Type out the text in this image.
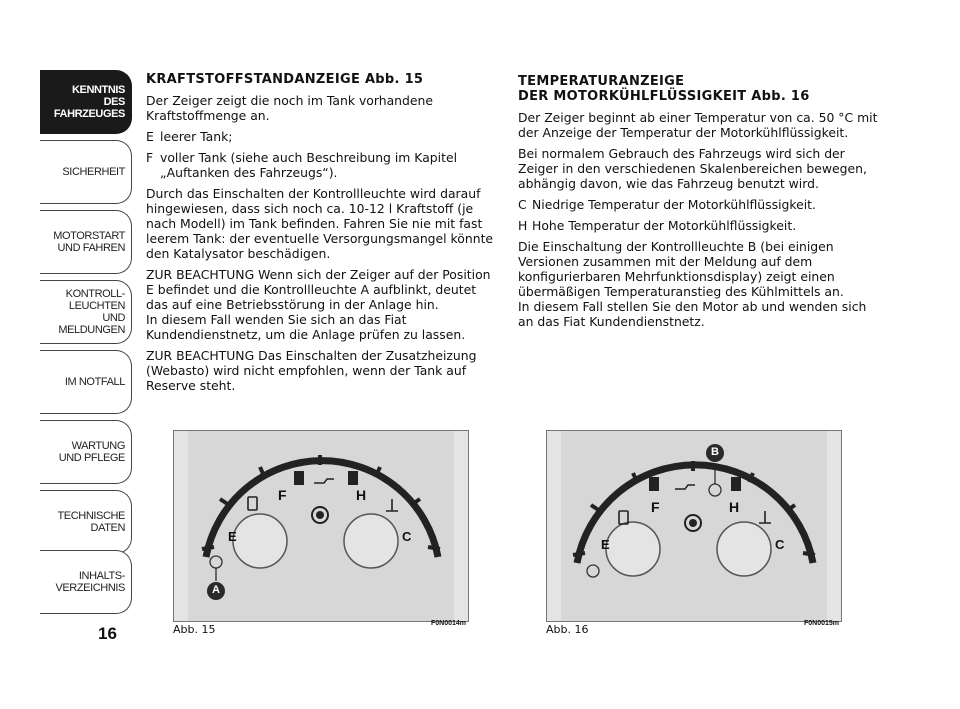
KENNTNIS
DES FAHRZEUGES
SICHERHEIT
MOTORSTART
UND FAHREN
KONTROLL-
LEUCHTEN
UND MELDUNGEN
IM NOTFALL
WARTUNG
UND PFLEGE
TECHNISCHE
DATEN
INHALTS-
VERZEICHNIS
16
KRAFTSTOFFSTANDANZEIGE Abb. 15

Der Zeiger zeigt die noch im Tank vorhandene Kraftstoffmenge an.

E leerer Tank;
F voller Tank (siehe auch Beschreibung im Kapitel „Auftanken des Fahrzeugs“).

Durch das Einschalten der Kontrollleuchte wird darauf hingewiesen, dass sich noch ca. 10-12 l Kraftstoff (je nach Modell) im Tank befinden. Fahren Sie nie mit fast leerem Tank: der eventuelle Versorgungsmangel könnte den Katalysator beschädigen.

ZUR BEACHTUNG Wenn sich der Zeiger auf der Position E befindet und die Kontrollleuchte A aufblinkt, deutet das auf eine Betriebsstörung in der Anlage hin.

In diesem Fall wenden Sie sich an das Fiat Kundendienstnetz, um die Anlage prüfen zu lassen.

ZUR BEACHTUNG Das Einschalten der Zusatzheizung (Webasto) wird nicht empfohlen, wenn der Tank auf Reserve steht.

TEMPERATURANZEIGE
DER MOTORKÜHLFLÜSSIGKEIT Abb. 16

Der Zeiger beginnt ab einer Temperatur von ca. 50 °C mit der Anzeige der Temperatur der Motorkühlflüssigkeit.

Bei normalem Gebrauch des Fahrzeugs wird sich der Zeiger in den verschiedenen Skalenbereichen bewegen, abhängig davon, wie das Fahrzeug benutzt wird.

C Niedrige Temperatur der Motorkühlflüssigkeit.
H Hohe Temperatur der Motorkühlflüssigkeit.

Die Einschaltung der Kontrollleuchte B (bei einigen Versionen zusammen mit der Meldung auf dem konfigurierbaren Mehrfunktionsdisplay) zeigt einen übermäßigen Temperaturanstieg des Kühlmittels an.

In diesem Fall stellen Sie den Motor ab und wenden sich an das Fiat Kundendienstnetz.

F	H
E	C
A
Abb. 15	F0N0014m
F	H
E	C
B
Abb. 16	F0N0015m
